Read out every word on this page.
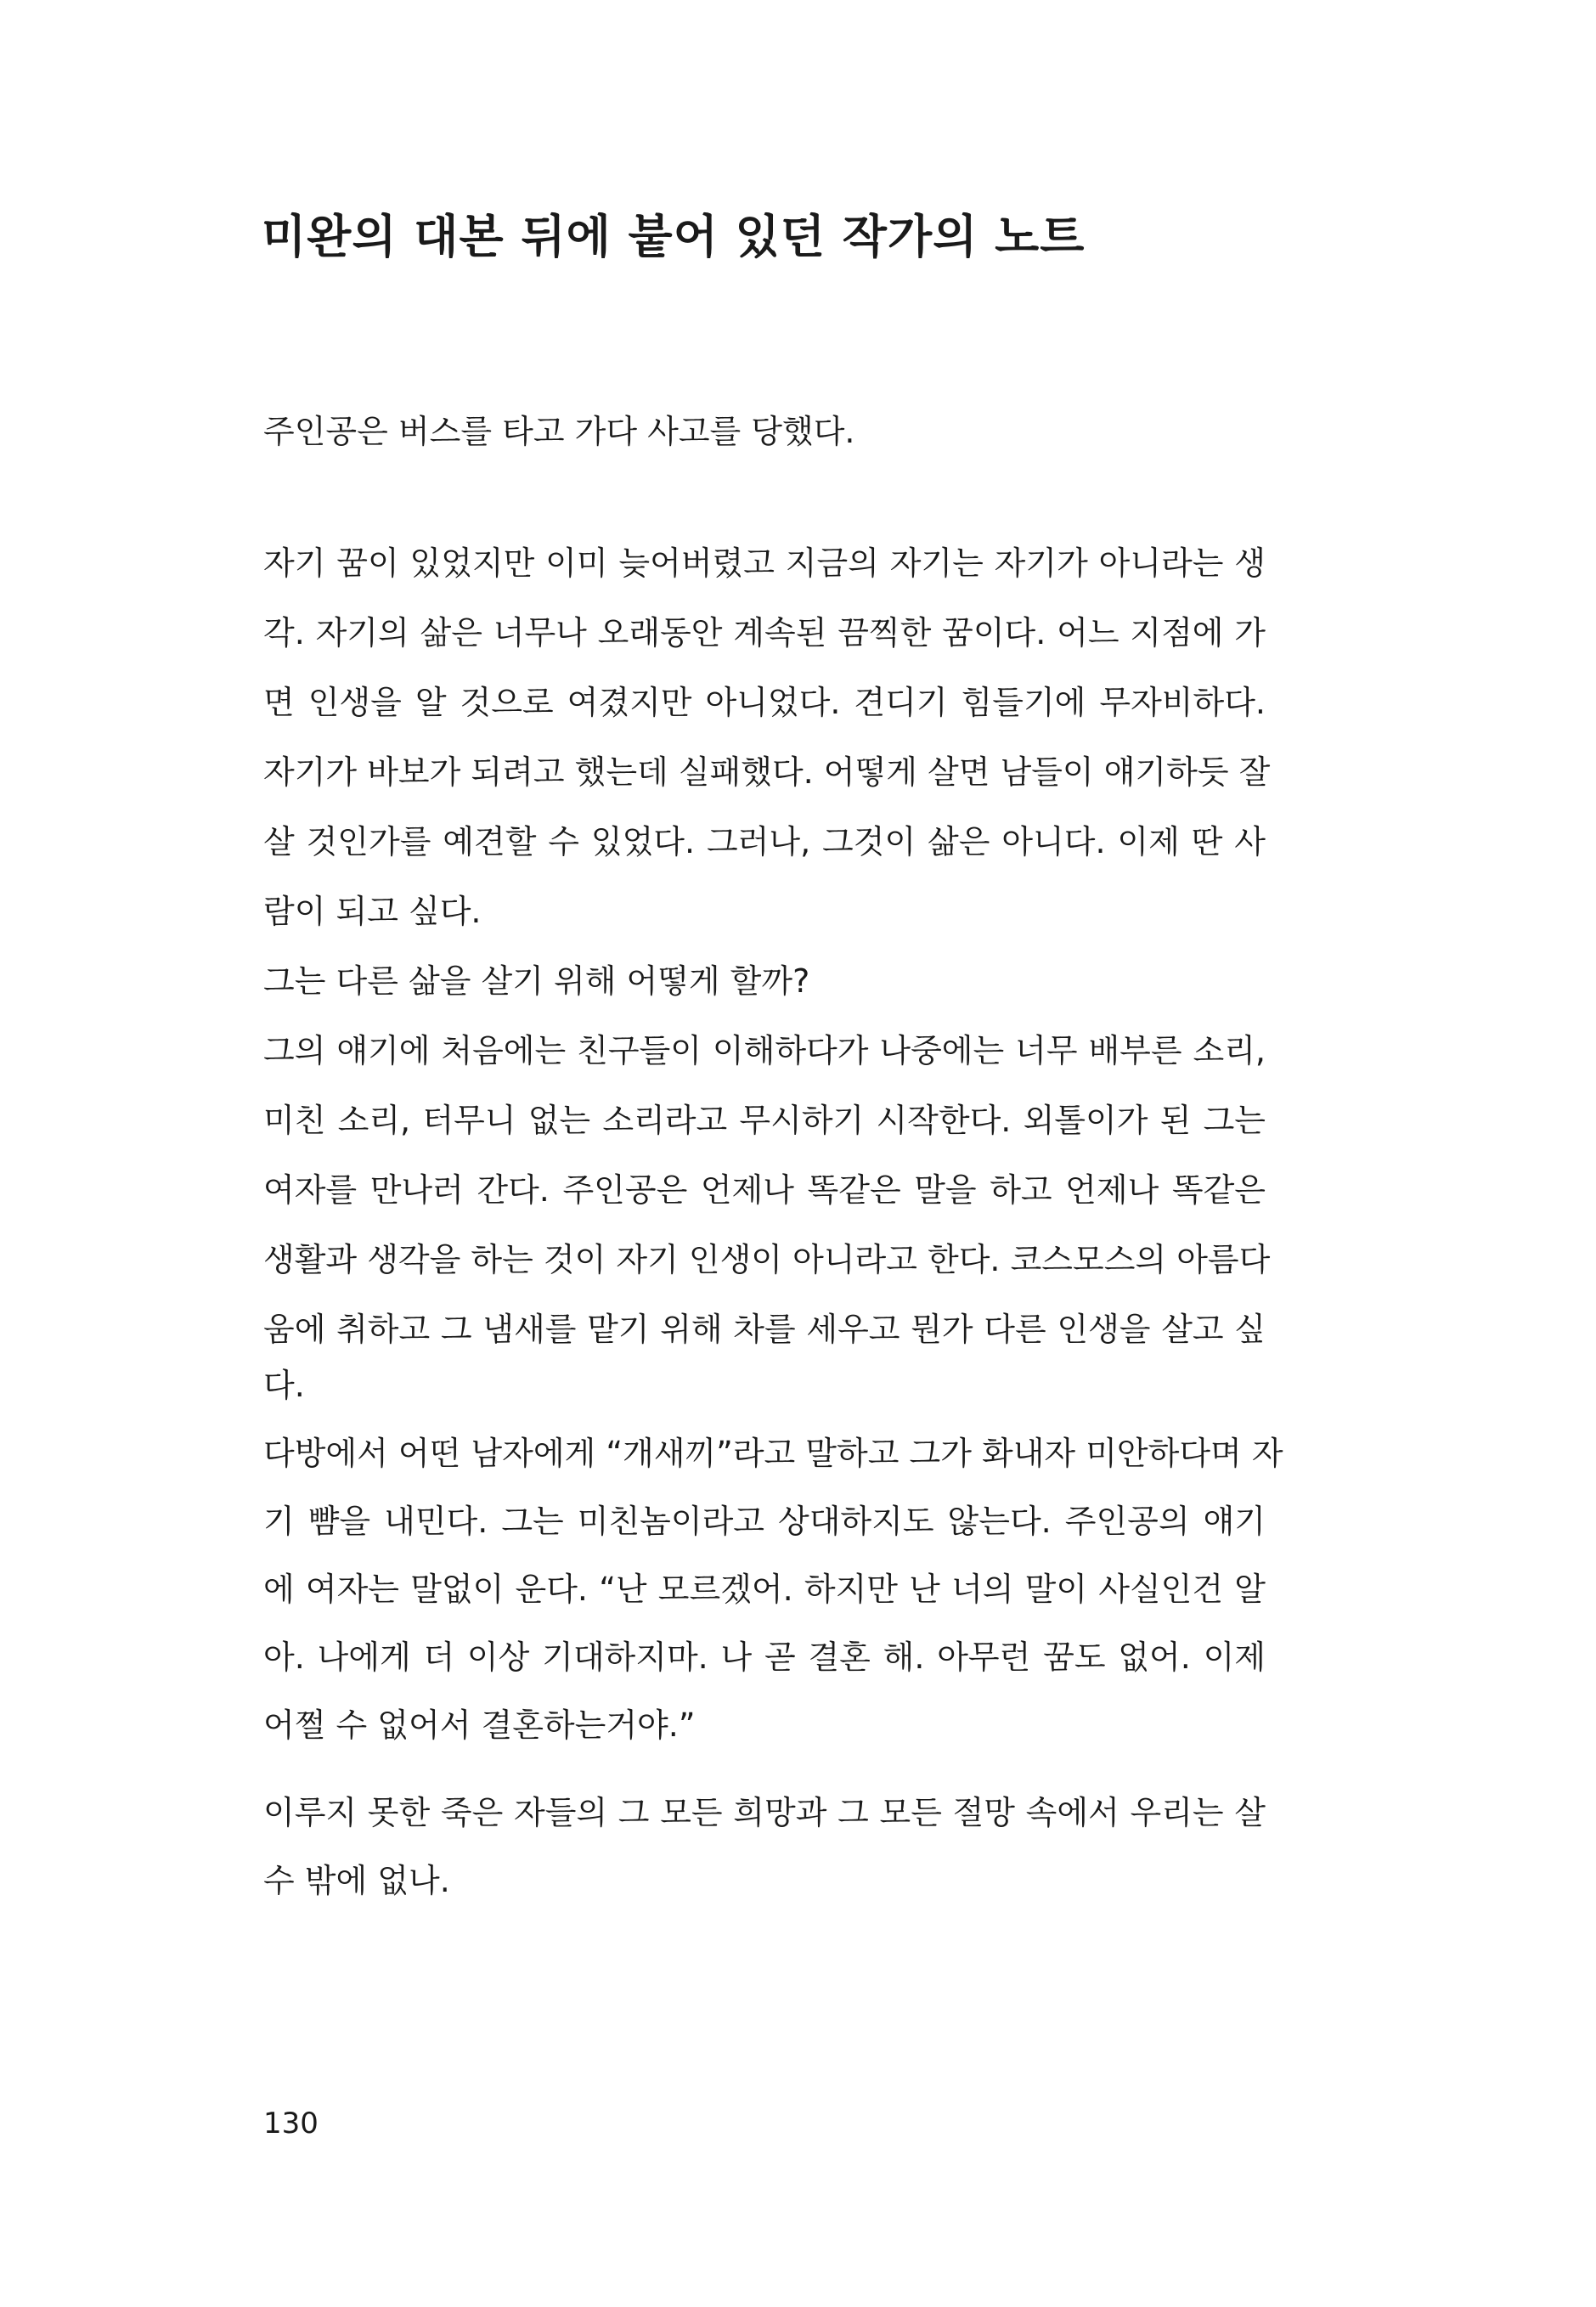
미완의 대본 뒤에 붙어 있던 작가의 노트
주인공은 버스를 타고 가다 사고를 당했다.
자기 꿈이 있었지만 이미 늦어버렸고 지금의 자기는 자기가 아니라는 생
각. 자기의 삶은 너무나 오래동안 계속된 끔찍한 꿈이다. 어느 지점에 가
면 인생을 알 것으로 여겼지만 아니었다. 견디기 힘들기에 무자비하다.
자기가 바보가 되려고 했는데 실패했다. 어떻게 살면 남들이 얘기하듯 잘
살 것인가를 예견할 수 있었다. 그러나, 그것이 삶은 아니다. 이제 딴 사
람이 되고 싶다.
그는 다른 삶을 살기 위해 어떻게 할까?
그의 얘기에 처음에는 친구들이 이해하다가 나중에는 너무 배부른 소리,
미친 소리, 터무니 없는 소리라고 무시하기 시작한다. 외톨이가 된 그는
여자를 만나러 간다. 주인공은 언제나 똑같은 말을 하고 언제나 똑같은
생활과 생각을 하는 것이 자기 인생이 아니라고 한다. 코스모스의 아름다
움에 취하고 그 냄새를 맡기 위해 차를 세우고 뭔가 다른 인생을 살고 싶
다.
다방에서 어떤 남자에게 “개새끼”라고 말하고 그가 화내자 미안하다며 자
기 뺨을 내민다. 그는 미친놈이라고 상대하지도 않는다. 주인공의 얘기
에 여자는 말없이 운다. “난 모르겠어. 하지만 난 너의 말이 사실인건 알
아. 나에게 더 이상 기대하지마. 나 곧 결혼 해. 아무런 꿈도 없어. 이제
어쩔 수 없어서 결혼하는거야.”
이루지 못한 죽은 자들의 그 모든 희망과 그 모든 절망 속에서 우리는 살
수 밖에 없나.
130
